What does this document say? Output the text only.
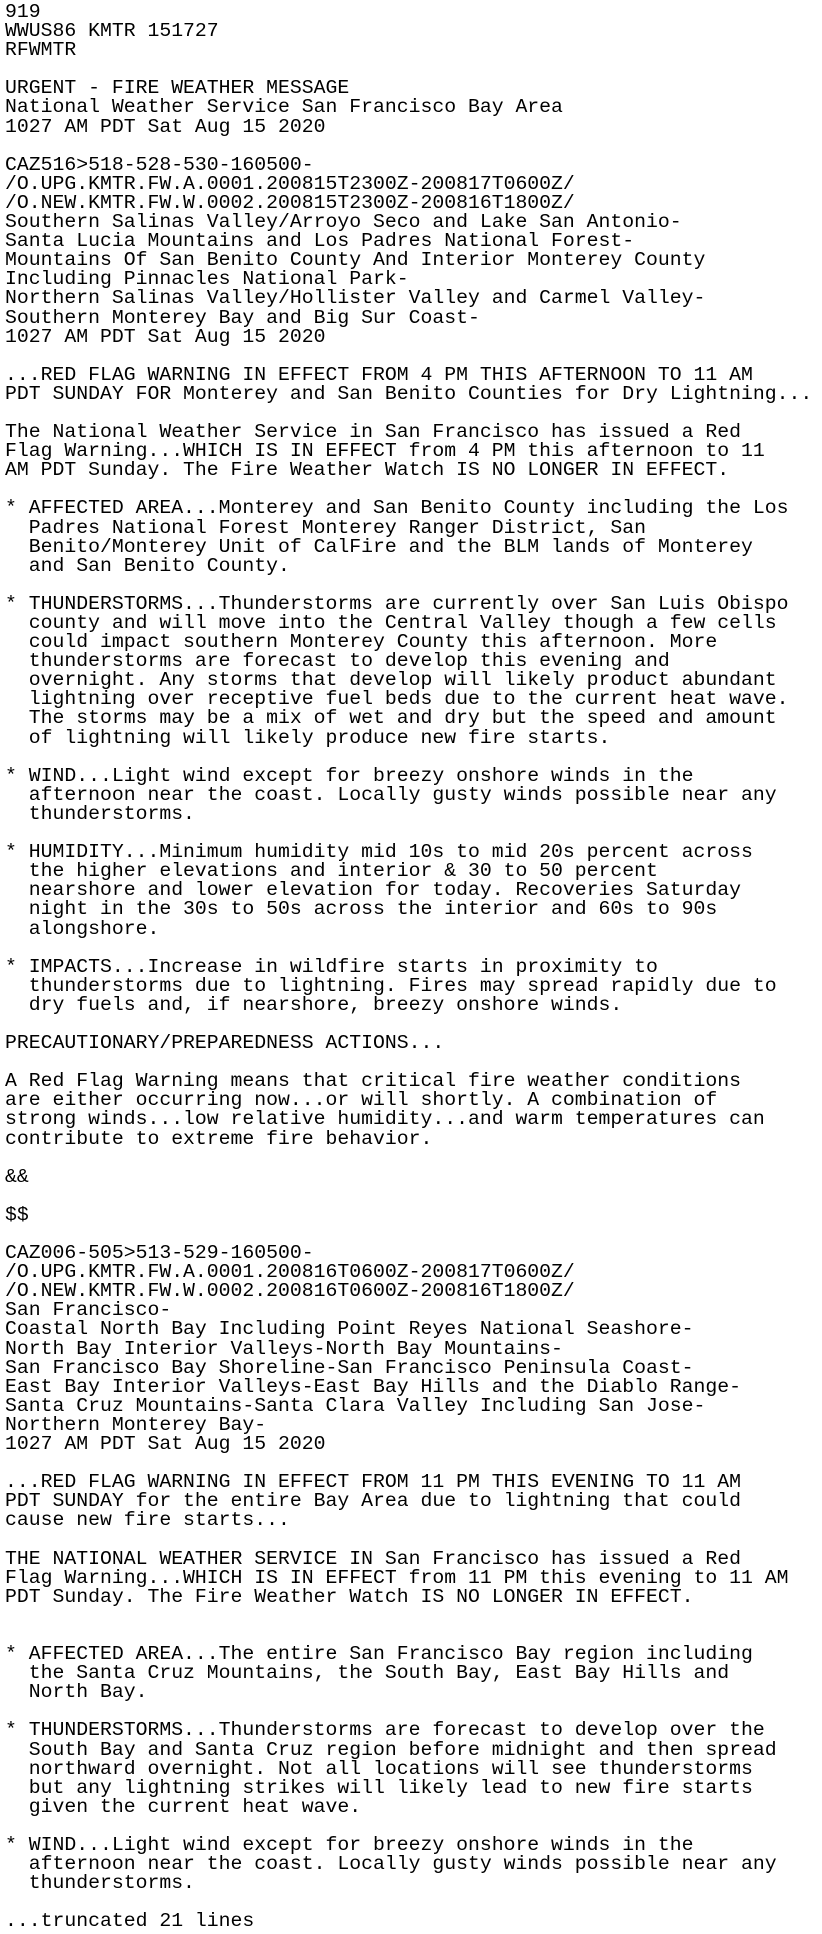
919
WWUS86 KMTR 151727
RFWMTR
URGENT - FIRE WEATHER MESSAGE
National Weather Service San Francisco Bay Area
1027 AM PDT Sat Aug 15 2020
CAZ516>518-528-530-160500-
/O.UPG.KMTR.FW.A.0001.200815T2300Z-200817T0600Z/
/O.NEW.KMTR.FW.W.0002.200815T2300Z-200816T1800Z/
Southern Salinas Valley/Arroyo Seco and Lake San Antonio-
Santa Lucia Mountains and Los Padres National Forest-
Mountains Of San Benito County And Interior Monterey County
Including Pinnacles National Park-
Northern Salinas Valley/Hollister Valley and Carmel Valley-
Southern Monterey Bay and Big Sur Coast-
1027 AM PDT Sat Aug 15 2020
...RED FLAG WARNING IN EFFECT FROM 4 PM THIS AFTERNOON TO 11 AM
PDT SUNDAY FOR Monterey and San Benito Counties for Dry Lightning...
The National Weather Service in San Francisco has issued a Red
Flag Warning...WHICH IS IN EFFECT from 4 PM this afternoon to 11
AM PDT Sunday. The Fire Weather Watch IS NO LONGER IN EFFECT.
* AFFECTED AREA...Monterey and San Benito County including the Los
Padres National Forest Monterey Ranger District, San
Benito/Monterey Unit of CalFire and the BLM lands of Monterey
and San Benito County.
* THUNDERSTORMS...Thunderstorms are currently over San Luis Obispo
county and will move into the Central Valley though a few cells
could impact southern Monterey County this afternoon. More
thunderstorms are forecast to develop this evening and
overnight. Any storms that develop will likely product abundant
lightning over receptive fuel beds due to the current heat wave.
The storms may be a mix of wet and dry but the speed and amount
of lightning will likely produce new fire starts.
* WIND...Light wind except for breezy onshore winds in the
afternoon near the coast. Locally gusty winds possible near any
thunderstorms.
* HUMIDITY...Minimum humidity mid 10s to mid 20s percent across
the higher elevations and interior & 30 to 50 percent
nearshore and lower elevation for today. Recoveries Saturday
night in the 30s to 50s across the interior and 60s to 90s
alongshore.
* IMPACTS...Increase in wildfire starts in proximity to
thunderstorms due to lightning. Fires may spread rapidly due to
dry fuels and, if nearshore, breezy onshore winds.
PRECAUTIONARY/PREPAREDNESS ACTIONS...
A Red Flag Warning means that critical fire weather conditions
are either occurring now...or will shortly. A combination of
strong winds...low relative humidity...and warm temperatures can
contribute to extreme fire behavior.
&&
$$
CAZ006-505>513-529-160500-
/O.UPG.KMTR.FW.A.0001.200816T0600Z-200817T0600Z/
/O.NEW.KMTR.FW.W.0002.200816T0600Z-200816T1800Z/
San Francisco-
Coastal North Bay Including Point Reyes National Seashore-
North Bay Interior Valleys-North Bay Mountains-
San Francisco Bay Shoreline-San Francisco Peninsula Coast-
East Bay Interior Valleys-East Bay Hills and the Diablo Range-
Santa Cruz Mountains-Santa Clara Valley Including San Jose-
Northern Monterey Bay-
1027 AM PDT Sat Aug 15 2020
...RED FLAG WARNING IN EFFECT FROM 11 PM THIS EVENING TO 11 AM
PDT SUNDAY for the entire Bay Area due to lightning that could
cause new fire starts...
THE NATIONAL WEATHER SERVICE IN San Francisco has issued a Red
Flag Warning...WHICH IS IN EFFECT from 11 PM this evening to 11 AM
PDT Sunday. The Fire Weather Watch IS NO LONGER IN EFFECT.
* AFFECTED AREA...The entire San Francisco Bay region including
the Santa Cruz Mountains, the South Bay, East Bay Hills and
North Bay.
* THUNDERSTORMS...Thunderstorms are forecast to develop over the
South Bay and Santa Cruz region before midnight and then spread
northward overnight. Not all locations will see thunderstorms
but any lightning strikes will likely lead to new fire starts
given the current heat wave.
* WIND...Light wind except for breezy onshore winds in the
afternoon near the coast. Locally gusty winds possible near any
thunderstorms.
...truncated 21 lines
